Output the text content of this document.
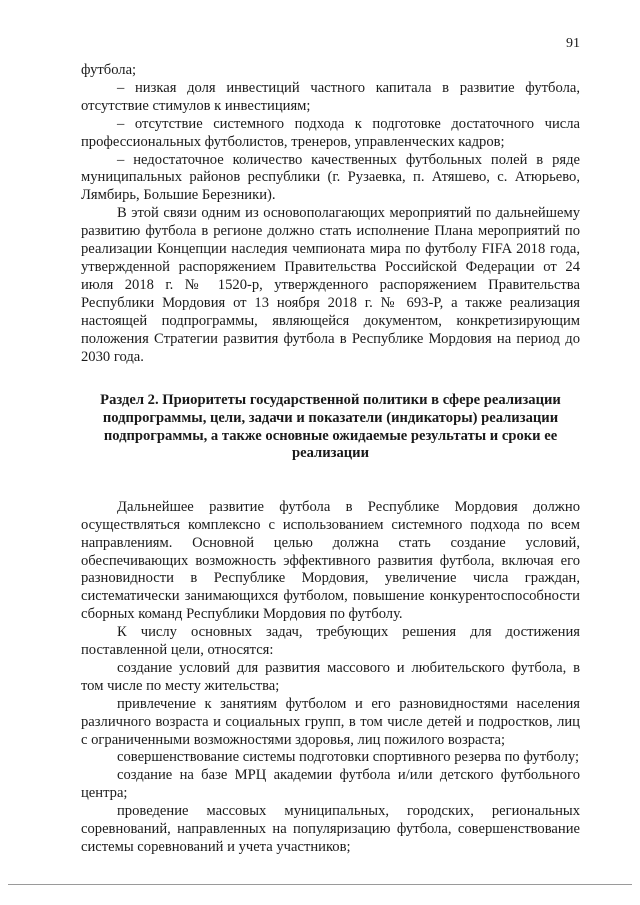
91

футбола;

– низкая доля инвестиций частного капитала в развитие футбола, отсутствие стимулов к инвестициям;

– отсутствие системного подхода к подготовке достаточного числа профессиональных футболистов, тренеров, управленческих кадров;

– недостаточное количество качественных футбольных полей в ряде муниципальных районов республики (г. Рузаевка, п. Атяшево, с. Атюрьево, Лямбирь, Большие Березники).

В этой связи одним из основополагающих мероприятий по дальнейшему развитию футбола в регионе должно стать исполнение Плана мероприятий по реализации Концепции наследия чемпионата мира по футболу FIFA 2018 года, утвержденной распоряжением Правительства Российской Федерации от 24 июля 2018 г. № 1520-р, утвержденного распоряжением Правительства Республики Мордовия от 13 ноября 2018 г. № 693-Р, а также реализация настоящей подпрограммы, являющейся документом, конкретизирующим положения Стратегии развития футбола в Республике Мордовия на период до 2030 года.

Раздел 2. Приоритеты государственной политики в сфере реализации подпрограммы, цели, задачи и показатели (индикаторы) реализации подпрограммы, а также основные ожидаемые результаты и сроки ее реализации

Дальнейшее развитие футбола в Республике Мордовия должно осуществляться комплексно с использованием системного подхода по всем направлениям. Основной целью должна стать создание условий, обеспечивающих возможность эффективного развития футбола, включая его разновидности в Республике Мордовия, увеличение числа граждан, систематически занимающихся футболом, повышение конкурентоспособности сборных команд Республики Мордовия по футболу.

К числу основных задач, требующих решения для достижения поставленной цели, относятся:

создание условий для развития массового и любительского футбола, в том числе по месту жительства;

привлечение к занятиям футболом и его разновидностями населения различного возраста и социальных групп, в том числе детей и подростков, лиц с ограниченными возможностями здоровья, лиц пожилого возраста;

совершенствование системы подготовки спортивного резерва по футболу;

создание на базе МРЦ академии футбола и/или детского футбольного центра;

проведение массовых муниципальных, городских, региональных соревнований, направленных на популяризацию футбола, совершенствование системы соревнований и учета участников;
